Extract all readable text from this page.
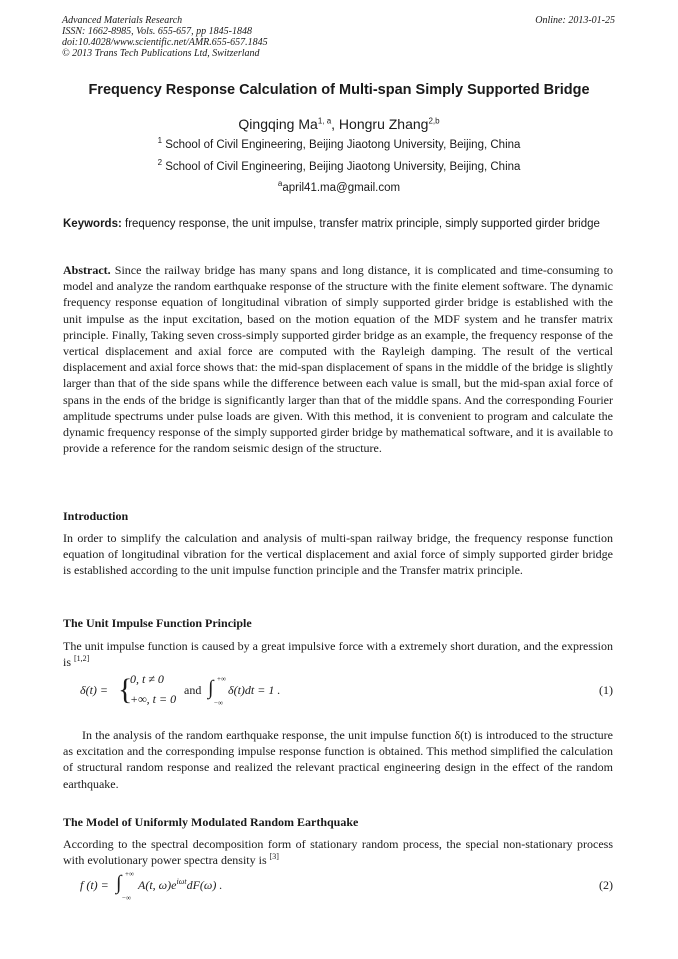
Advanced Materials Research
ISSN: 1662-8985, Vols. 655-657, pp 1845-1848
doi:10.4028/www.scientific.net/AMR.655-657.1845
© 2013 Trans Tech Publications Ltd, Switzerland
Online: 2013-01-25
Frequency Response Calculation of Multi-span Simply Supported Bridge
Qingqing Ma$^{1, a}$, Hongru Zhang$^{2,b}$
$^1$ School of Civil Engineering, Beijing Jiaotong University, Beijing, China
$^2$ School of Civil Engineering, Beijing Jiaotong University, Beijing, China
$^a$april41.ma@gmail.com
Keywords: frequency response, the unit impulse, transfer matrix principle, simply supported girder bridge
Abstract. Since the railway bridge has many spans and long distance, it is complicated and time-consuming to model and analyze the random earthquake response of the structure with the finite element software. The dynamic frequency response equation of longitudinal vibration of simply supported girder bridge is established with the unit impulse as the input excitation, based on the motion equation of the MDF system and he transfer matrix principle. Finally, Taking seven cross-simply supported girder bridge as an example, the frequency response of the vertical displacement and axial force are computed with the Rayleigh damping. The result of the vertical displacement and axial force shows that: the mid-span displacement of spans in the middle of the bridge is slightly larger than that of the side spans while the difference between each value is small, but the mid-span axial force of spans in the ends of the bridge is significantly larger than that of the middle spans. And the corresponding Fourier amplitude spectrums under pulse loads are given. With this method, it is convenient to program and calculate the dynamic frequency response of the simply supported girder bridge by mathematical software, and it is available to provide a reference for the random seismic design of the structure.
Introduction
In order to simplify the calculation and analysis of multi-span railway bridge, the frequency response function equation of longitudinal vibration for the vertical displacement and axial force of simply supported girder bridge is established according to the unit impulse function principle and the Transfer matrix principle.
The Unit Impulse Function Principle
The unit impulse function is caused by a great impulsive force with a extremely short duration, and the expression is [1,2]
δ(t) = {
0, t ≠ 0
+∞, t = 0
and ∫ +∞
−∞
δ(t)dt = 1 .	(1)
In the analysis of the random earthquake response, the unit impulse function δ(t) is introduced to the structure as excitation and the corresponding impulse response function is obtained. This method simplified the calculation of structural random response and realized the relevant practical engineering design in the effect of the random earthquake.
The Model of Uniformly Modulated Random Earthquake
According to the spectral decomposition form of stationary random process, the special non-stationary process with evolutionary power spectra density is [3]
f (t) = ∫ +∞
−∞
A(t, $\omega)e^{i\omega t}dF(\omega)$ .	(2)
